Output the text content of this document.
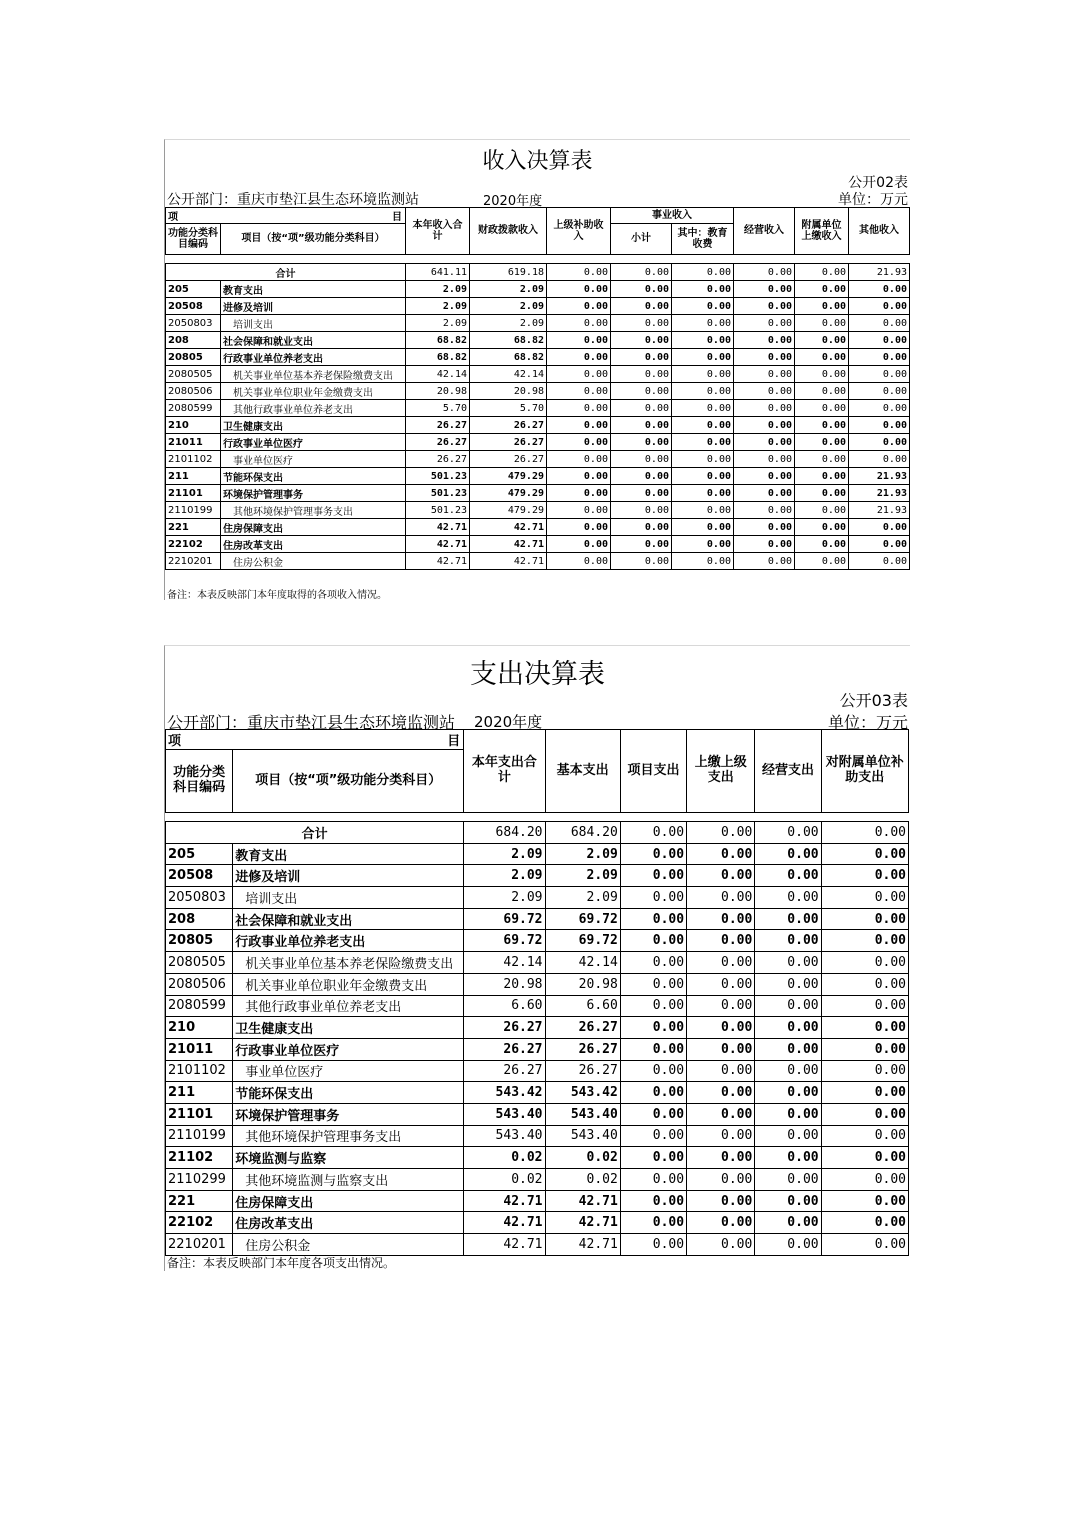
收入决算表
公开02表
公开部门：重庆市垫江县生态环境监测站	2020年度	单位：万元
项 目		本年收入合计	财政拨款收入	上级补助收入	事业收入		经营收入	附属单位上缴收入	其他收入
功能分类科目编码	项目（按“项”级功能分类科目）								
					小计	其中：教育收费			

合计		641.11	619.18	0.00	0.00	0.00	0.00	0.00	21.93
205	教育支出	2.09	2.09	0.00	0.00	0.00	0.00	0.00	0.00
20508	进修及培训	2.09	2.09	0.00	0.00	0.00	0.00	0.00	0.00
2050803	培训支出	2.09	2.09	0.00	0.00	0.00	0.00	0.00	0.00
208	社会保障和就业支出	68.82	68.82	0.00	0.00	0.00	0.00	0.00	0.00
20805	行政事业单位养老支出	68.82	68.82	0.00	0.00	0.00	0.00	0.00	0.00
2080505	机关事业单位基本养老保险缴费支出	42.14	42.14	0.00	0.00	0.00	0.00	0.00	0.00
2080506	机关事业单位职业年金缴费支出	20.98	20.98	0.00	0.00	0.00	0.00	0.00	0.00
2080599	其他行政事业单位养老支出	5.70	5.70	0.00	0.00	0.00	0.00	0.00	0.00
210	卫生健康支出	26.27	26.27	0.00	0.00	0.00	0.00	0.00	0.00
21011	行政事业单位医疗	26.27	26.27	0.00	0.00	0.00	0.00	0.00	0.00
2101102	事业单位医疗	26.27	26.27	0.00	0.00	0.00	0.00	0.00	0.00
211	节能环保支出	501.23	479.29	0.00	0.00	0.00	0.00	0.00	21.93
21101	环境保护管理事务	501.23	479.29	0.00	0.00	0.00	0.00	0.00	21.93
2110199	其他环境保护管理事务支出	501.23	479.29	0.00	0.00	0.00	0.00	0.00	21.93
221	住房保障支出	42.71	42.71	0.00	0.00	0.00	0.00	0.00	0.00
22102	住房改革支出	42.71	42.71	0.00	0.00	0.00	0.00	0.00	0.00
2210201	住房公积金	42.71	42.71	0.00	0.00	0.00	0.00	0.00	0.00
备注：本表反映部门本年度取得的各项收入情况。
支出决算表
公开03表
公开部门：重庆市垫江县生态环境监测站 2020年度	单位：万元
项 目		本年支出合计	基本支出	项目支出	上缴上级支出	经营支出	对附属单位补助支出
功能分类科目编码	项目（按“项”级功能分类科目）						

合计		684.20	684.20	0.00	0.00	0.00	0.00
205	教育支出	2.09	2.09	0.00	0.00	0.00	0.00
20508	进修及培训	2.09	2.09	0.00	0.00	0.00	0.00
2050803	培训支出	2.09	2.09	0.00	0.00	0.00	0.00
208	社会保障和就业支出	69.72	69.72	0.00	0.00	0.00	0.00
20805	行政事业单位养老支出	69.72	69.72	0.00	0.00	0.00	0.00
2080505	机关事业单位基本养老保险缴费支出	42.14	42.14	0.00	0.00	0.00	0.00
2080506	机关事业单位职业年金缴费支出	20.98	20.98	0.00	0.00	0.00	0.00
2080599	其他行政事业单位养老支出	6.60	6.60	0.00	0.00	0.00	0.00
210	卫生健康支出	26.27	26.27	0.00	0.00	0.00	0.00
21011	行政事业单位医疗	26.27	26.27	0.00	0.00	0.00	0.00
2101102	事业单位医疗	26.27	26.27	0.00	0.00	0.00	0.00
211	节能环保支出	543.42	543.42	0.00	0.00	0.00	0.00
21101	环境保护管理事务	543.40	543.40	0.00	0.00	0.00	0.00
2110199	其他环境保护管理事务支出	543.40	543.40	0.00	0.00	0.00	0.00
21102	环境监测与监察	0.02	0.02	0.00	0.00	0.00	0.00
2110299	其他环境监测与监察支出	0.02	0.02	0.00	0.00	0.00	0.00
221	住房保障支出	42.71	42.71	0.00	0.00	0.00	0.00
22102	住房改革支出	42.71	42.71	0.00	0.00	0.00	0.00
2210201	住房公积金	42.71	42.71	0.00	0.00	0.00	0.00
备注：本表反映部门本年度各项支出情况。
